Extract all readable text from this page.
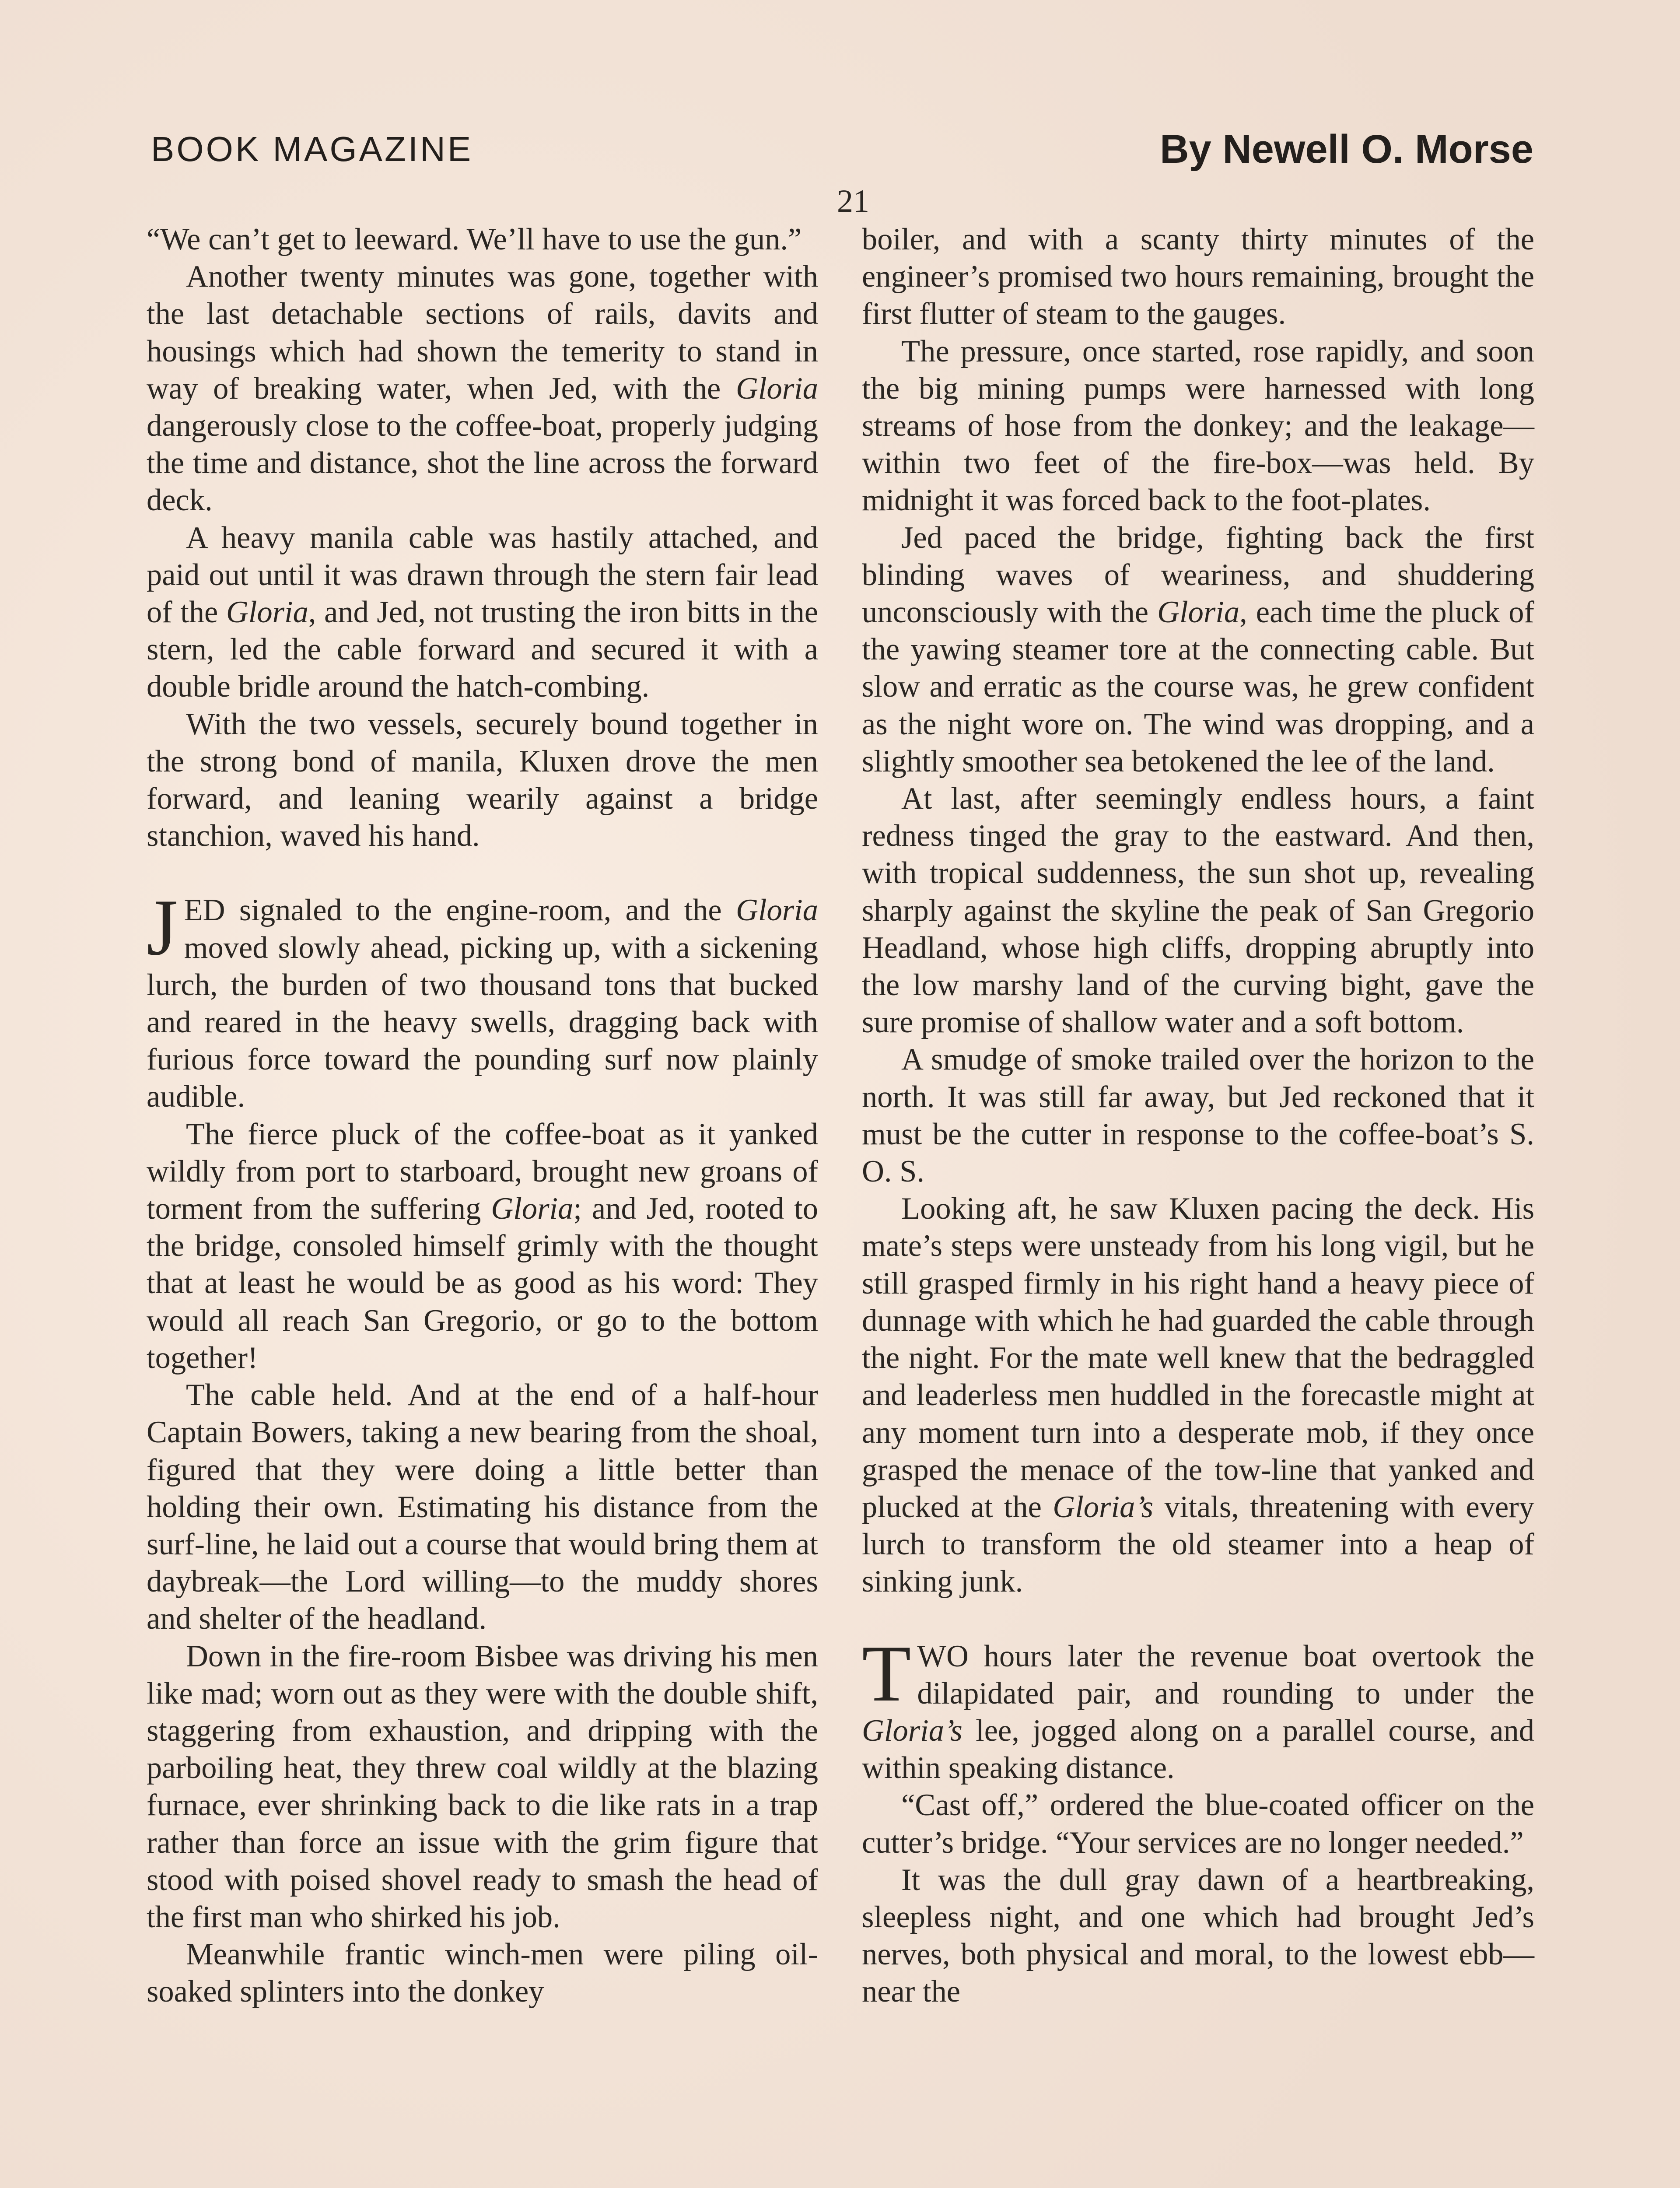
BOOK MAGAZINE	By Newell O. Morse
21

“We can’t get to leeward. We’ll have to use the gun.”

Another twenty minutes was gone, together with the last detachable sections of rails, davits and housings which had shown the temerity to stand in way of breaking water, when Jed, with the Gloria dangerously close to the coffee-boat, properly judging the time and distance, shot the line across the forward deck.

A heavy manila cable was hastily attached, and paid out until it was drawn through the stern fair lead of the Gloria, and Jed, not trusting the iron bitts in the stern, led the cable forward and secured it with a double bridle around the hatch-combing.

With the two vessels, securely bound together in the strong bond of manila, Kluxen drove the men forward, and leaning wearily against a bridge stanchion, waved his hand.

JED signaled to the engine-room, and the Gloria moved slowly ahead, picking up, with a sickening lurch, the burden of two thousand tons that bucked and reared in the heavy swells, dragging back with furious force toward the pounding surf now plainly audible.

The fierce pluck of the coffee-boat as it yanked wildly from port to starboard, brought new groans of torment from the suffering Gloria; and Jed, rooted to the bridge, consoled himself grimly with the thought that at least he would be as good as his word: They would all reach San Gregorio, or go to the bottom together!

The cable held. And at the end of a half-hour Captain Bowers, taking a new bearing from the shoal, figured that they were doing a little better than holding their own. Estimating his distance from the surf-line, he laid out a course that would bring them at daybreak—the Lord willing—to the muddy shores and shelter of the headland.

Down in the fire-room Bisbee was driving his men like mad; worn out as they were with the double shift, staggering from exhaustion, and dripping with the parboiling heat, they threw coal wildly at the blazing furnace, ever shrinking back to die like rats in a trap rather than force an issue with the grim figure that stood with poised shovel ready to smash the head of the first man who shirked his job.

Meanwhile frantic winch-men were piling oil-soaked splinters into the donkey

boiler, and with a scanty thirty minutes of the engineer’s promised two hours remaining, brought the first flutter of steam to the gauges.

The pressure, once started, rose rapidly, and soon the big mining pumps were harnessed with long streams of hose from the donkey; and the leakage—within two feet of the fire-box—was held. By midnight it was forced back to the foot-plates.

Jed paced the bridge, fighting back the first blinding waves of weariness, and shuddering unconsciously with the Gloria, each time the pluck of the yawing steamer tore at the connecting cable. But slow and erratic as the course was, he grew confident as the night wore on. The wind was dropping, and a slightly smoother sea betokened the lee of the land.

At last, after seemingly endless hours, a faint redness tinged the gray to the eastward. And then, with tropical suddenness, the sun shot up, revealing sharply against the skyline the peak of San Gregorio Headland, whose high cliffs, dropping abruptly into the low marshy land of the curving bight, gave the sure promise of shallow water and a soft bottom.

A smudge of smoke trailed over the horizon to the north. It was still far away, but Jed reckoned that it must be the cutter in response to the coffee-boat’s S. O. S.

Looking aft, he saw Kluxen pacing the deck. His mate’s steps were unsteady from his long vigil, but he still grasped firmly in his right hand a heavy piece of dunnage with which he had guarded the cable through the night. For the mate well knew that the bedraggled and leaderless men huddled in the forecastle might at any moment turn into a desperate mob, if they once grasped the menace of the tow-line that yanked and plucked at the Gloria’s vitals, threatening with every lurch to transform the old steamer into a heap of sinking junk.

TWO hours later the revenue boat overtook the dilapidated pair, and rounding to under the Gloria’s lee, jogged along on a parallel course, and within speaking distance.

“Cast off,” ordered the blue-coated officer on the cutter’s bridge. “Your services are no longer needed.”

It was the dull gray dawn of a heartbreaking, sleepless night, and one which had brought Jed’s nerves, both physical and moral, to the lowest ebb—near the
